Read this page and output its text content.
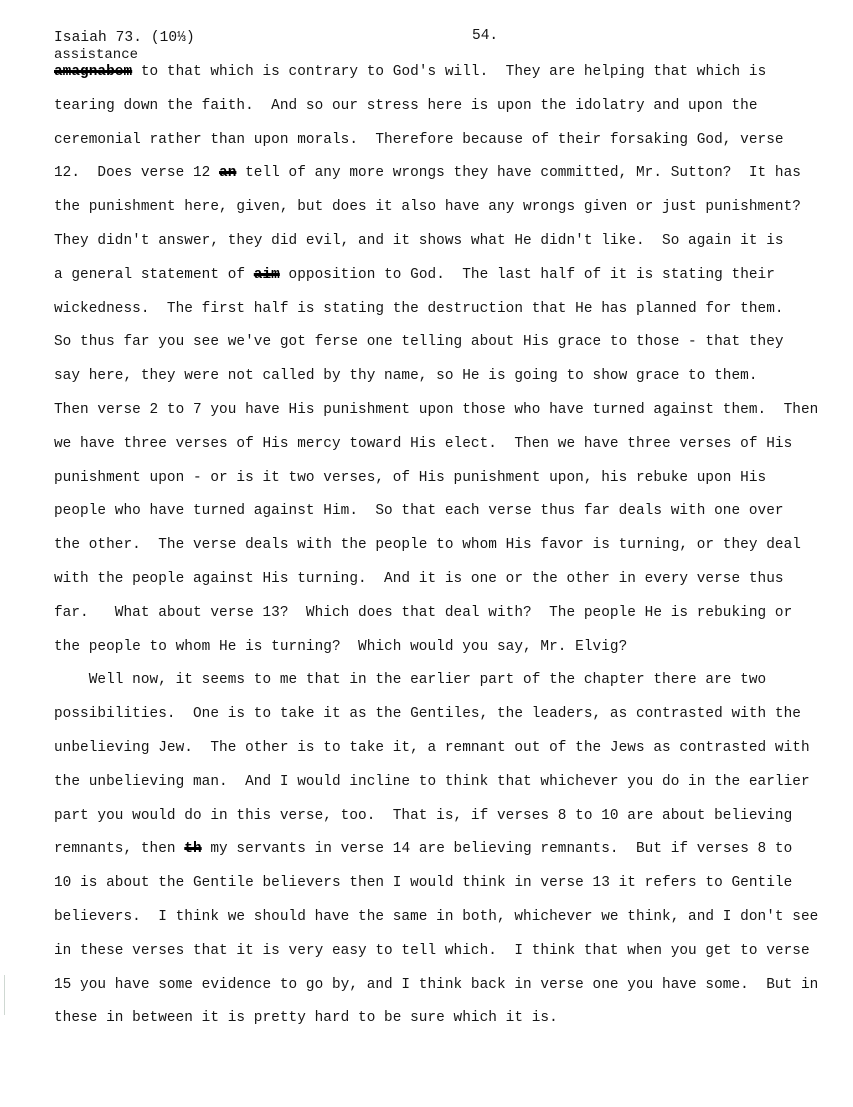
Isaiah 73. (10⅓)	54.
assistance
amagnabem to that which is contrary to God's will.  They are helping that which is
tearing down the faith.  And so our stress here is upon the idolatry and upon the
ceremonial rather than upon morals.  Therefore because of their forsaking God, verse
12.  Does verse 12 an tell of any more wrongs they have committed, Mr. Sutton?  It has
the punishment here, given, but does it also have any wrongs given or just punishment?
They didn't answer, they did evil, and it shows what He didn't like.  So again it is
a general statement of aim opposition to God.  The last half of it is stating their
wickedness.  The first half is stating the destruction that He has planned for them.
So thus far you see we've got ferse one telling about His grace to those - that they
say here, they were not called by thy name, so He is going to show grace to them.
Then verse 2 to 7 you have His punishment upon those who have turned against them.  Then
we have three verses of His mercy toward His elect.  Then we have three verses of His
punishment upon - or is it two verses, of His punishment upon, his rebuke upon His
people who have turned against Him.  So that each verse thus far deals with one over
the other.  The verse deals with the people to whom His favor is turning, or they deal
with the people against His turning.  And it is one or the other in every verse thus
far.   What about verse 13?  Which does that deal with?  The people He is rebuking or
the people to whom He is turning?  Which would you say, Mr. Elvig?
Well now, it seems to me that in the earlier part of the chapter there are two
possibilities.  One is to take it as the Gentiles, the leaders, as contrasted with the
unbelieving Jew.  The other is to take it, a remnant out of the Jews as contrasted with
the unbelieving man.  And I would incline to think that whichever you do in the earlier
part you would do in this verse, too.  That is, if verses 8 to 10 are about believing
remnants, then th my servants in verse 14 are believing remnants.  But if verses 8 to
10 is about the Gentile believers then I would think in verse 13 it refers to Gentile
believers.  I think we should have the same in both, whichever we think, and I don't see
in these verses that it is very easy to tell which.  I think that when you get to verse
15 you have some evidence to go by, and I think back in verse one you have some.  But in
these in between it is pretty hard to be sure which it is.
